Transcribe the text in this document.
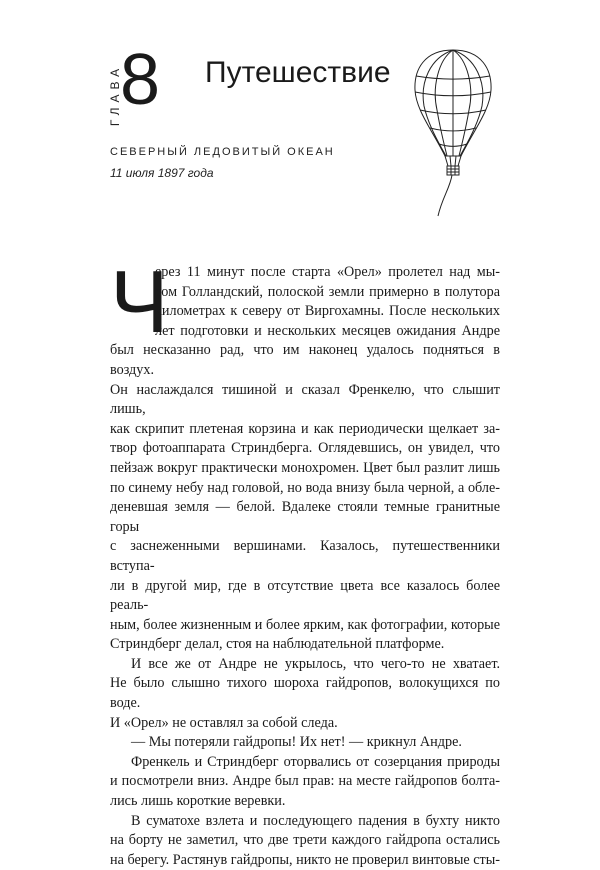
ГЛАВА
8 Путешествие
СЕВЕРНЫЙ ЛЕДОВИТЫЙ ОКЕАН
11 июля 1897 года
Ч
ерез 11 минут после старта «Орел» пролетел над мы-
сом Голландский, полоской земли примерно в полутора
километрах к северу от Виргохамны. После нескольких
лет подготовки и нескольких месяцев ожидания Андре
был несказанно рад, что им наконец удалось подняться в воздух.
Он наслаждался тишиной и сказал Френкелю, что слышит лишь,
как скрипит плетеная корзина и как периодически щелкает за-
твор фотоаппарата Стриндберга. Оглядевшись, он увидел, что
пейзаж вокруг практически монохромен. Цвет был разлит лишь
по синему небу над головой, но вода внизу была черной, а обле-
деневшая земля — белой. Вдалеке стояли темные гранитные горы
с заснеженными вершинами. Казалось, путешественники вступа-
ли в другой мир, где в отсутствие цвета все казалось более реаль-
ным, более жизненным и более ярким, как фотографии, которые
Стриндберг делал, стоя на наблюдательной платформе.
И все же от Андре не укрылось, что чего-то не хватает.
Не было слышно тихого шороха гайдропов, волокущихся по воде.
И «Орел» не оставлял за собой следа.
— Мы потеряли гайдропы! Их нет! — крикнул Андре.
Френкель и Стриндберг оторвались от созерцания природы
и посмотрели вниз. Андре был прав: на месте гайдропов болта-
лись лишь короткие веревки.
В суматохе взлета и последующего падения в бухту никто
на борту не заметил, что две трети каждого гайдропа остались
на берегу. Растянув гайдропы, никто не проверил винтовые сты-
